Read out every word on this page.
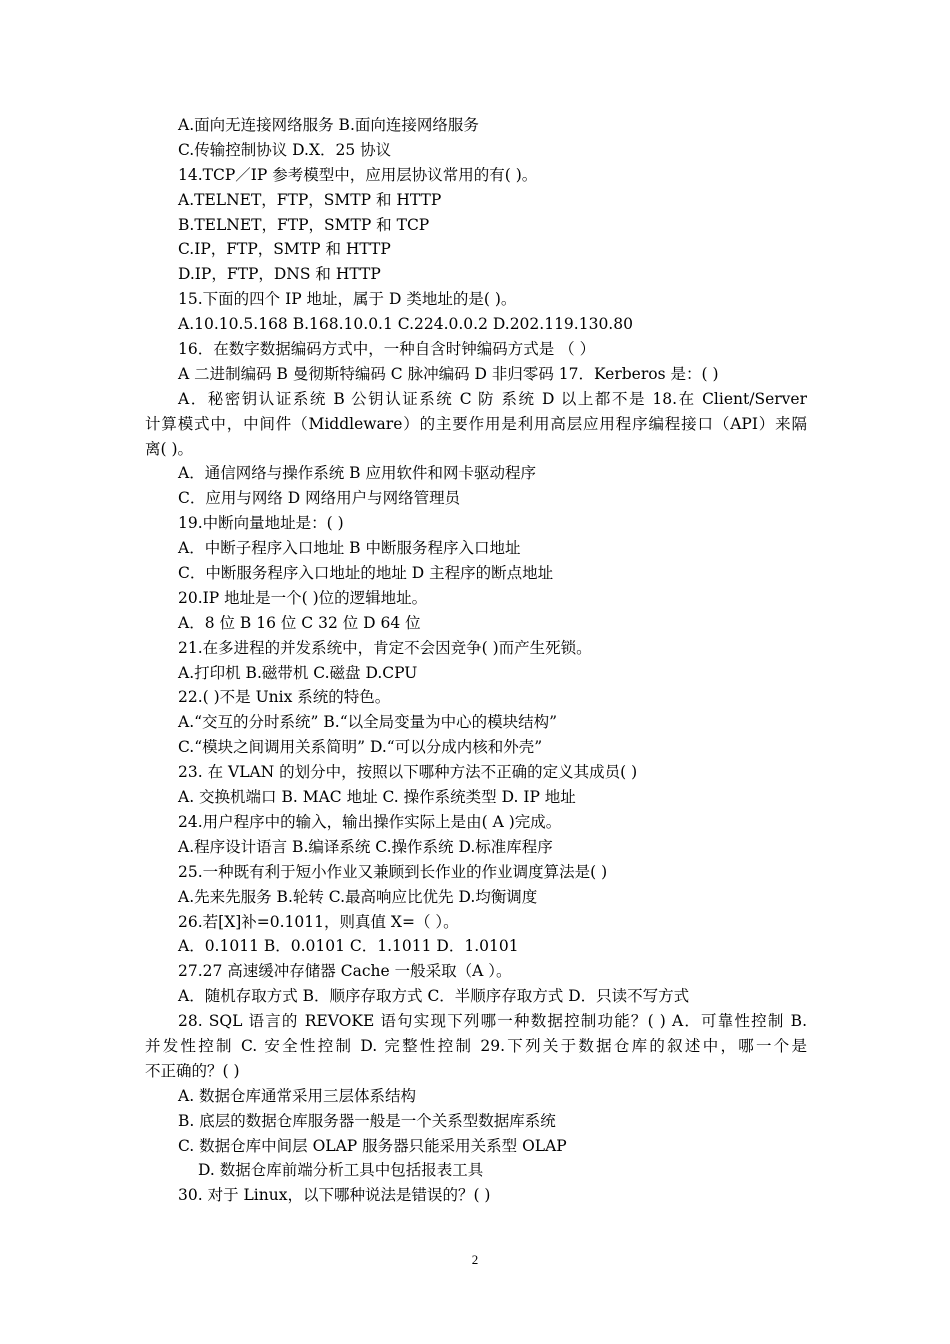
A.面向无连接网络服务 B.面向连接网络服务
C.传输控制协议 D.X．25 协议
14.TCP／IP 参考模型中，应用层协议常用的有( )。
A.TELNET，FTP，SMTP 和 HTTP
B.TELNET，FTP，SMTP 和 TCP
C.IP，FTP，SMTP 和 HTTP
D.IP，FTP，DNS 和 HTTP
15.下面的四个 IP 地址，属于 D 类地址的是( )。
A.10.10.5.168 B.168.10.0.1 C.224.0.0.2 D.202.119.130.80
16．在数字数据编码方式中，一种自含时钟编码方式是 （ ）
A 二进制编码 B 曼彻斯特编码 C 脉冲编码 D 非归零码 17．Kerberos 是：( )
A．秘密钥认证系统 B 公钥认证系统 C 防 系统 D 以上都不是 18.在 Client/Server
计算模式中，中间件（Middleware）的主要作用是利用高层应用程序编程接口（API）来隔
离( )。
A．通信网络与操作系统 B 应用软件和网卡驱动程序
C．应用与网络 D 网络用户与网络管理员
19.中断向量地址是：( )
A．中断子程序入口地址 B 中断服务程序入口地址
C．中断服务程序入口地址的地址 D 主程序的断点地址
20.IP 地址是一个( )位的逻辑地址。
A．8 位 B 16 位 C 32 位 D 64 位
21.在多进程的并发系统中，肯定不会因竞争( )而产生死锁。
A.打印机 B.磁带机 C.磁盘 D.CPU
22.( )不是 Unix 系统的特色。
A.“交互的分时系统” B.“以全局变量为中心的模块结构”
C.“模块之间调用关系简明” D.“可以分成内核和外壳”
23. 在 VLAN 的划分中，按照以下哪种方法不正确的定义其成员( )
A. 交换机端口 B. MAC 地址 C. 操作系统类型 D. IP 地址
24.用户程序中的输入，输出操作实际上是由( A )完成。
A.程序设计语言 B.编译系统 C.操作系统 D.标准库程序
25.一种既有利于短小作业又兼顾到长作业的作业调度算法是( )
A.先来先服务 B.轮转 C.最高响应比优先 D.均衡调度
26.若[X]补=0.1011，则真值 X=（ ）。
A．0.1011 B．0.0101 C．1.1011 D．1.0101
27.27 高速缓冲存储器 Cache 一般采取（A ）。
A．随机存取方式 B．顺序存取方式 C．半顺序存取方式 D．只读不写方式
28. SQL 语言的 REVOKE 语句实现下列哪一种数据控制功能？( ) A．可靠性控制 B.
并发性控制 C. 安全性控制 D. 完整性控制 29.下列关于数据仓库的叙述中，哪一个是
不正确的？( )
A. 数据仓库通常采用三层体系结构
B. 底层的数据仓库服务器一般是一个关系型数据库系统
C. 数据仓库中间层 OLAP 服务器只能采用关系型 OLAP
D. 数据仓库前端分析工具中包括报表工具
30. 对于 Linux，以下哪种说法是错误的？( )
2
